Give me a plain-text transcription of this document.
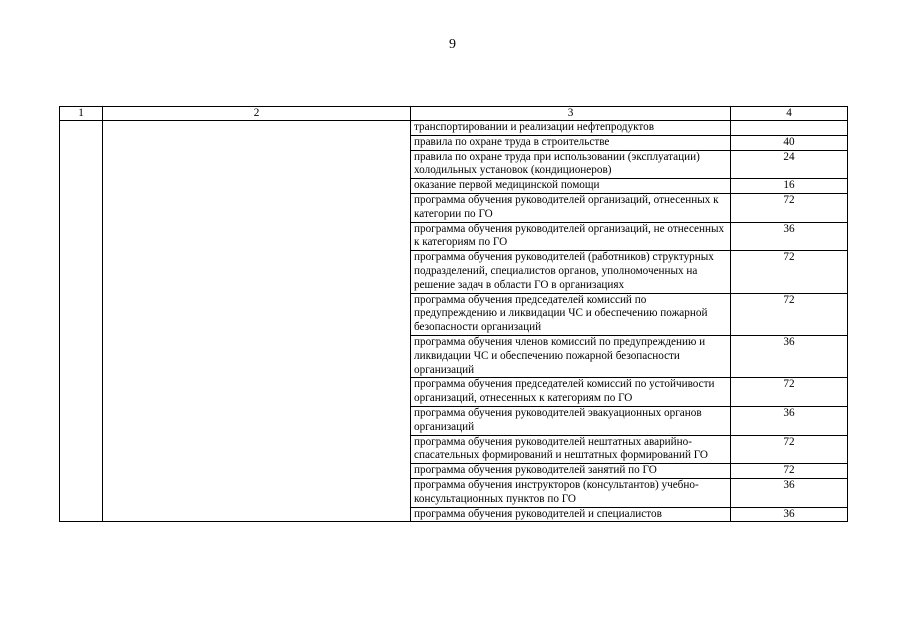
9
1	2	3	4
		транспортировании и реализации нефтепродуктов	
		правила по охране труда в строительстве	40
		правила по охране труда при использовании (эксплуатации) холодильных установок (кондиционеров)	24
		оказание первой медицинской помощи	16
		программа обучения руководителей организаций, отнесенных к категории по ГО	72
		программа обучения руководителей организаций, не отнесенных к категориям по ГО	36
		программа обучения руководителей (работников) структурных подразделений, специалистов органов, уполномоченных на решение задач в области ГО в организациях	72
		программа обучения председателей комиссий по предупреждению и ликвидации ЧС и обеспечению пожарной безопасности организаций	72
		программа обучения членов комиссий по предупреждению и ликвидации ЧС и обеспечению пожарной безопасности организаций	36
		программа обучения председателей комиссий по устойчивости организаций, отнесенных к категориям по ГО	72
		программа обучения руководителей эвакуационных органов организаций	36
		программа обучения руководителей нештатных аварийно-спасательных формирований и нештатных формирований ГО	72
		программа обучения руководителей занятий по ГО	72
		программа обучения инструкторов (консультантов) учебно-консультационных пунктов по ГО	36
		программа обучения руководителей и специалистов	36
